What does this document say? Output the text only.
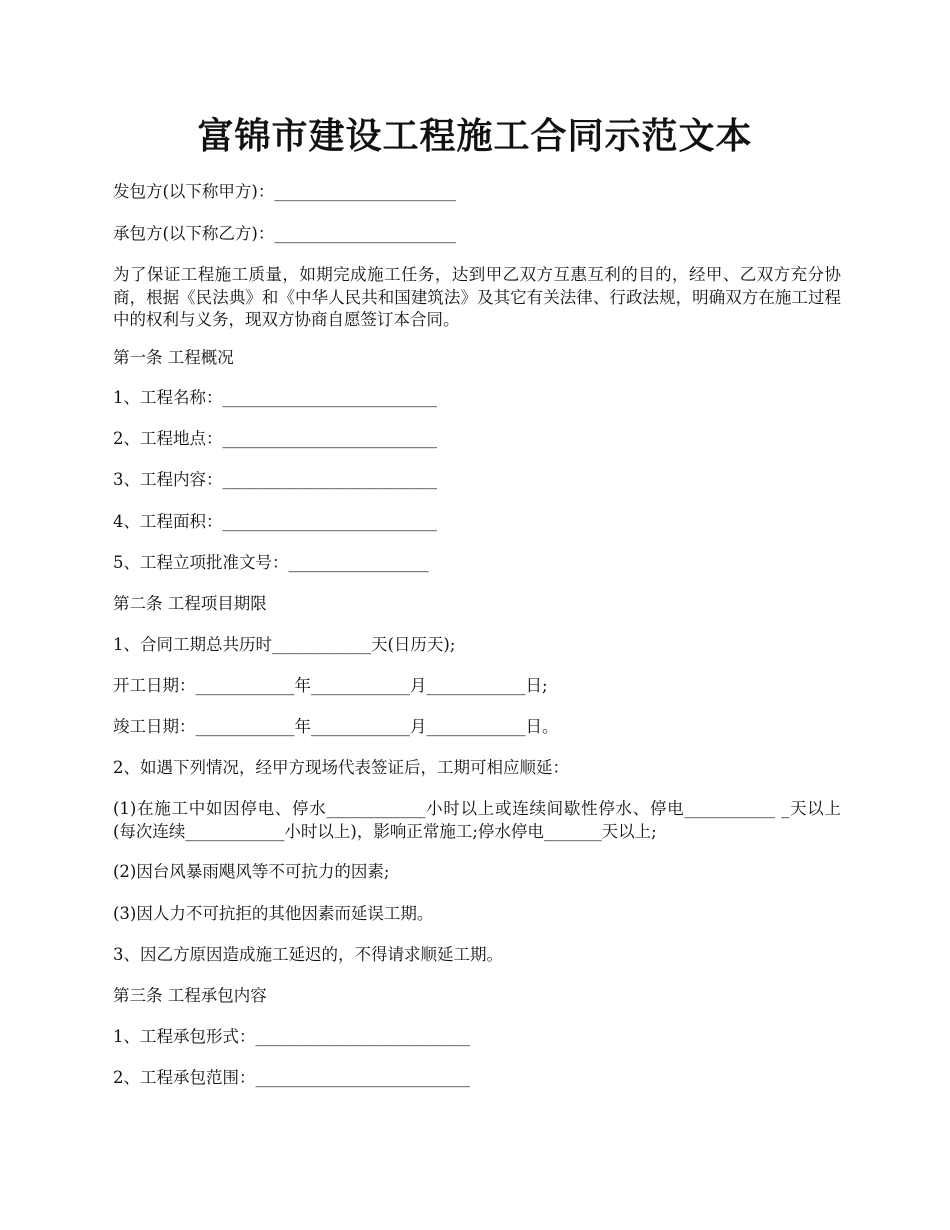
富锦市建设工程施工合同示范文本

发包方(以下称甲方)：______________________

承包方(以下称乙方)：______________________

为了保证工程施工质量，如期完成施工任务，达到甲乙双方互惠互利的目的，经甲、乙双方充分协商，根据《民法典》和《中华人民共和国建筑法》及其它有关法律、行政法规，明确双方在施工过程中的权利与义务，现双方协商自愿签订本合同。

第一条 工程概况

1、工程名称：__________________________

2、工程地点：__________________________

3、工程内容：__________________________

4、工程面积：__________________________

5、工程立项批准文号：_________________

第二条 工程项目期限

1、合同工期总共历时____________天(日历天);

开工日期：____________年____________月____________日;

竣工日期：____________年____________月____________日。

2、如遇下列情况，经甲方现场代表签证后，工期可相应顺延：

(1)在施工中如因停电、停水____________小时以上或连续间歇性停水、停电___________ _天以上(每次连续____________小时以上)，影响正常施工;停水停电_______天以上;

(2)因台风暴雨飓风等不可抗力的因素;

(3)因人力不可抗拒的其他因素而延误工期。

3、因乙方原因造成施工延迟的，不得请求顺延工期。

第三条 工程承包内容

1、工程承包形式：__________________________

2、工程承包范围：__________________________
